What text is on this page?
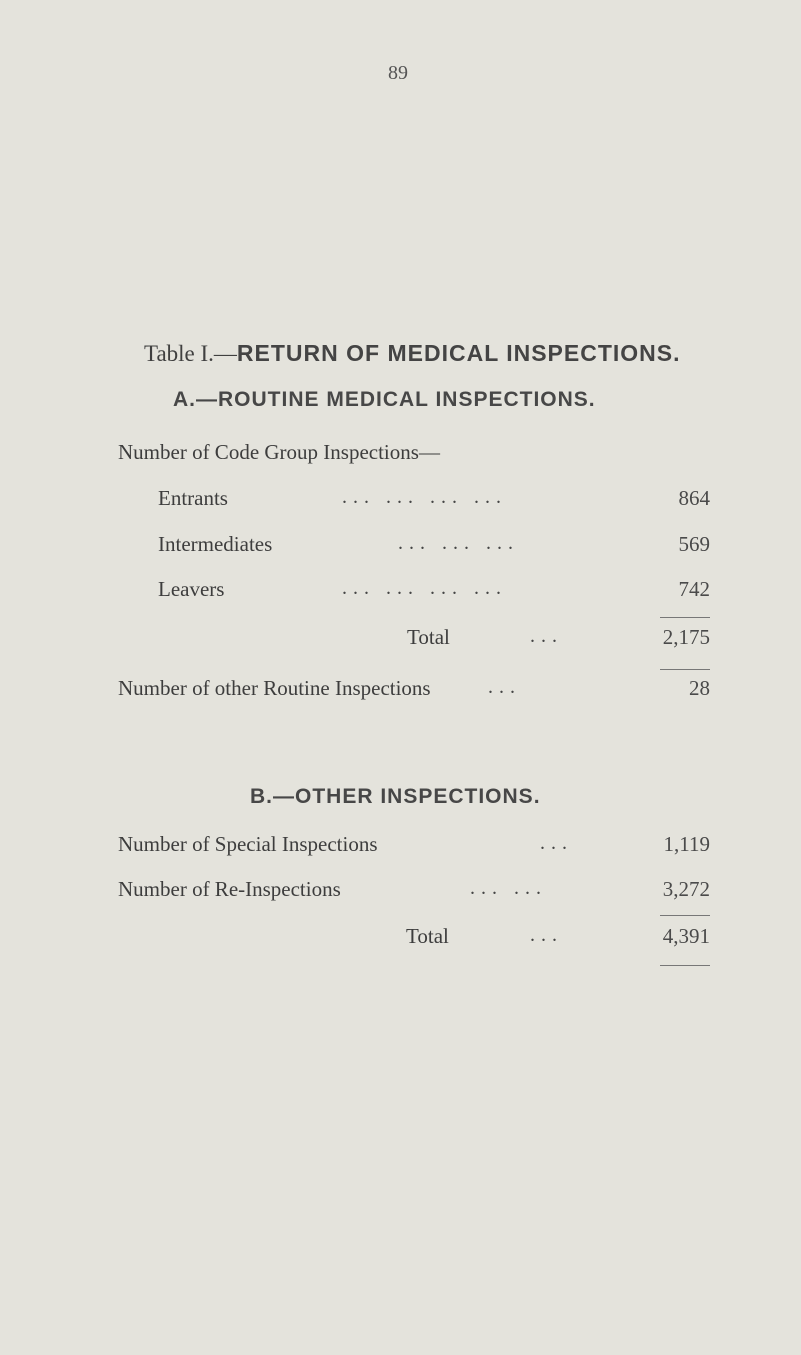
89
Table I.—RETURN OF MEDICAL INSPECTIONS.
A.—ROUTINE MEDICAL INSPECTIONS.
Number of Code Group Inspections—
Entrants	... ... ... ...	864
Intermediates	... ... ...	569
Leavers	... ... ... ...	742
Total	...	2,175
Number of other Routine Inspections	...	28
B.—OTHER INSPECTIONS.
Number of Special Inspections	...	1,119
Number of Re-Inspections	... ...	3,272
Total	...	4,391
